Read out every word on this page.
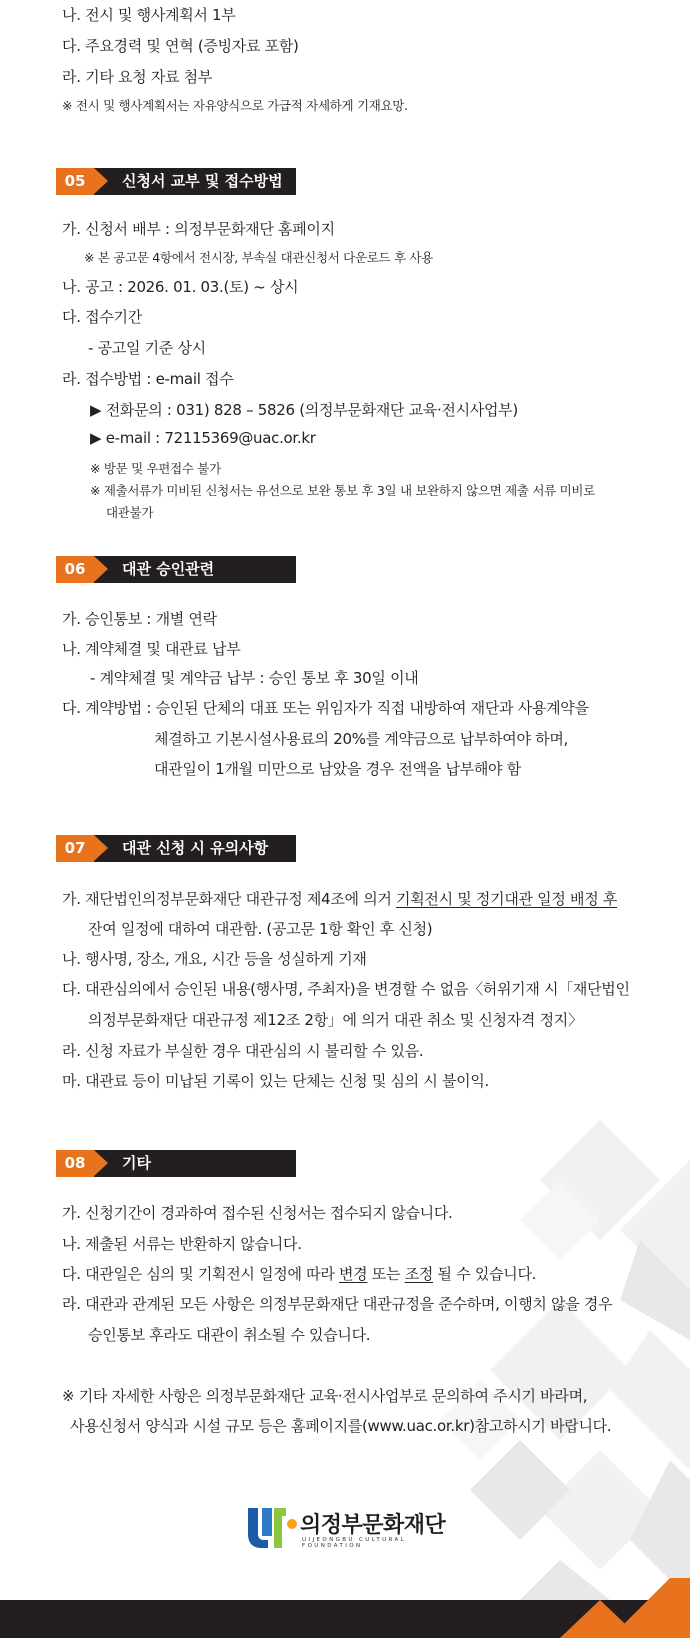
나. 전시 및 행사계획서 1부
다. 주요경력 및 연혁 (증빙자료 포함)
라. 기타 요청 자료 첨부
※ 전시 및 행사계획서는 자유양식으로 가급적 자세하게 기재요망.
05	신청서 교부 및 접수방법
가. 신청서 배부 : 의정부문화재단 홈페이지
※ 본 공고문 4항에서 전시장, 부속실 대관신청서 다운로드 후 사용
나. 공고 : 2026. 01. 03.(토) ~ 상시
다. 접수기간
- 공고일 기준 상시
라. 접수방법 : e-mail 접수
▶ 전화문의 : 031) 828 – 5826 (의정부문화재단 교육·전시사업부)
▶ e-mail : 72115369@uac.or.kr
※ 방문 및 우편접수 불가
※ 제출서류가 미비된 신청서는 유선으로 보완 통보 후 3일 내 보완하지 않으면 제출 서류 미비로
대관불가
06	대관 승인관련
가. 승인통보 : 개별 연락
나. 계약체결 및 대관료 납부
- 계약체결 및 계약금 납부 : 승인 통보 후 30일 이내
다. 계약방법 : 승인된 단체의 대표 또는 위임자가 직접 내방하여 재단과 사용계약을
체결하고 기본시설사용료의 20%를 계약금으로 납부하여야 하며,
대관일이 1개월 미만으로 남았을 경우 전액을 납부해야 함
07	대관 신청 시 유의사항
가. 재단법인의정부문화재단 대관규정 제4조에 의거 기획전시 및 정기대관 일정 배정 후
잔여 일정에 대하여 대관함. (공고문 1항 확인 후 신청)
나. 행사명, 장소, 개요, 시간 등을 성실하게 기재
다. 대관심의에서 승인된 내용(행사명, 주최자)을 변경할 수 없음〈허위기재 시「재단법인
의정부문화재단 대관규정 제12조 2항」에 의거 대관 취소 및 신청자격 정지〉
라. 신청 자료가 부실한 경우 대관심의 시 불리할 수 있음.
마. 대관료 등이 미납된 기록이 있는 단체는 신청 및 심의 시 불이익.
08	기타
가. 신청기간이 경과하여 접수된 신청서는 접수되지 않습니다.
나. 제출된 서류는 반환하지 않습니다.
다. 대관일은 심의 및 기획전시 일정에 따라 변경 또는 조정 될 수 있습니다.
라. 대관과 관계된 모든 사항은 의정부문화재단 대관규정을 준수하며, 이행치 않을 경우
승인통보 후라도 대관이 취소될 수 있습니다.
※ 기타 자세한 사항은 의정부문화재단 교육·전시사업부로 문의하여 주시기 바라며,
사용신청서 양식과 시설 규모 등은 홈페이지를(www.uac.or.kr)참고하시기 바랍니다.
의정부문화재단
UIJEONGBU CULTURAL FOUNDATION
